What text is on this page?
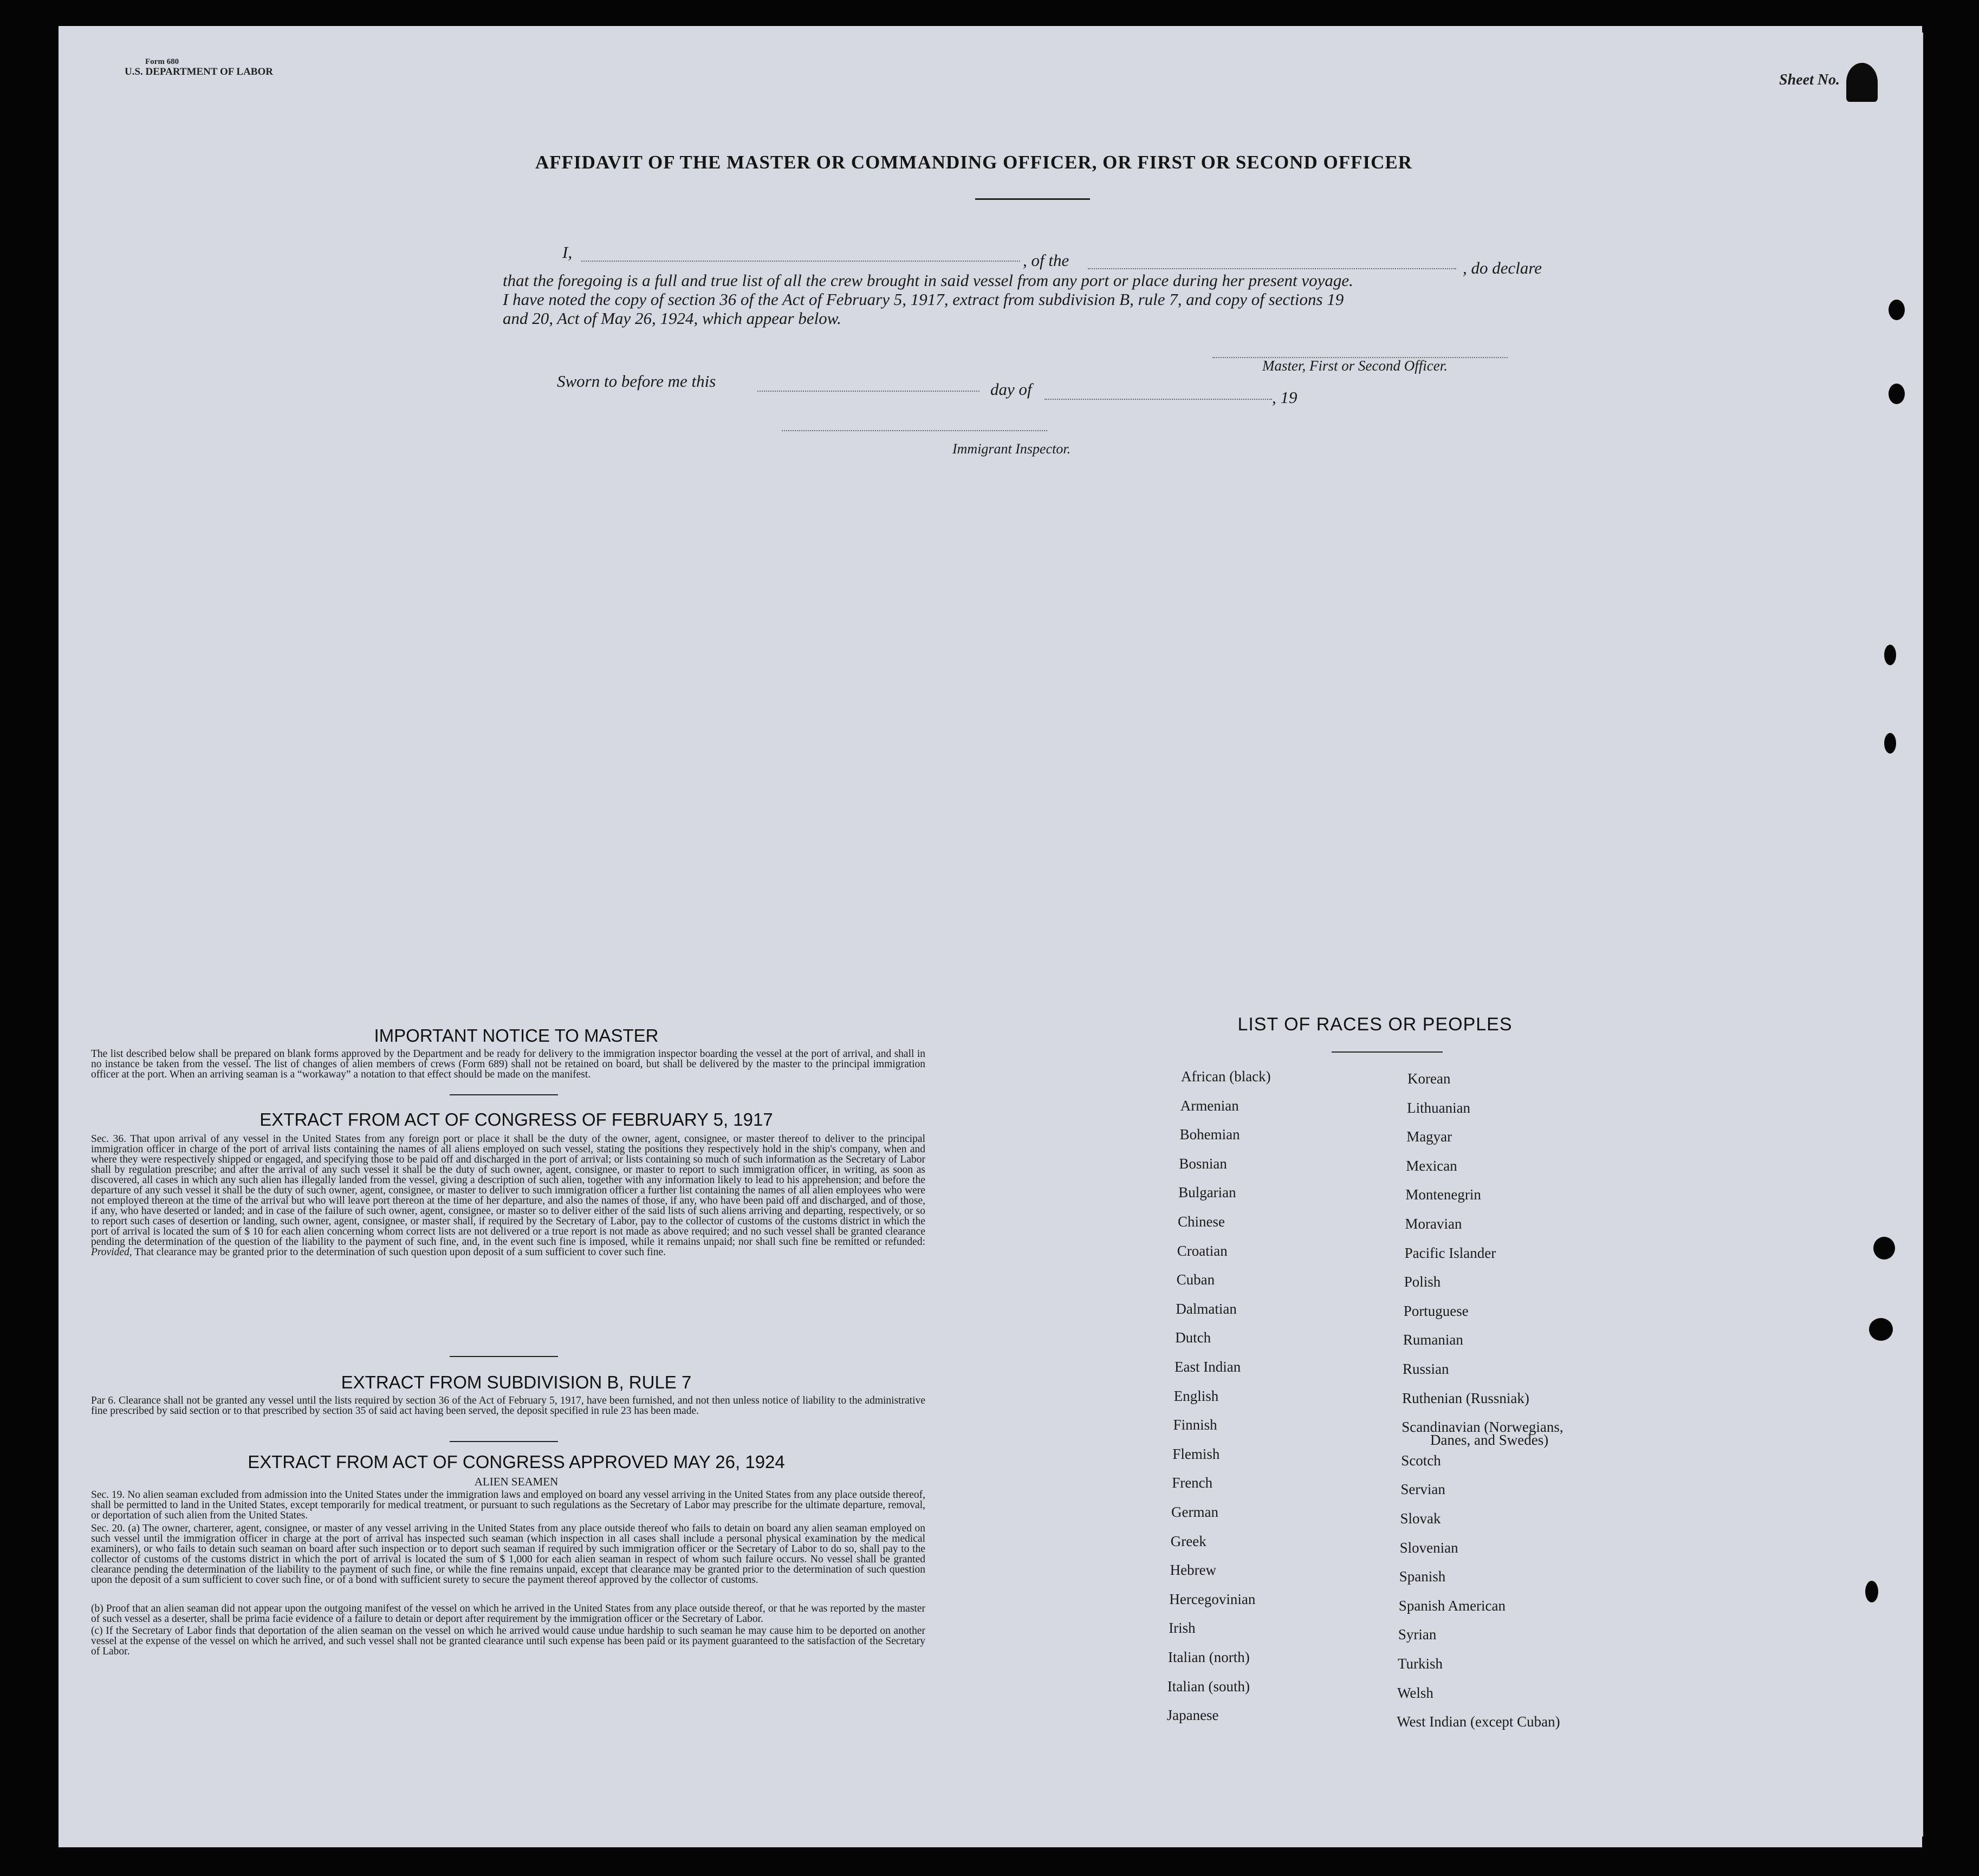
Form 680
U.S. DEPARTMENT OF LABOR	Sheet No.
AFFIDAVIT OF THE MASTER OR COMMANDING OFFICER, OR FIRST OR SECOND OFFICER
I,	, of the	, do declare
that the foregoing is a full and true list of all the crew brought in said vessel from any port or place during her present voyage.
I have noted the copy of section 36 of the Act of February 5, 1917, extract from subdivision B, rule 7, and copy of sections 19
and 20, Act of May 26, 1924, which appear below.
Master, First or Second Officer.
Sworn to before me this	day of	, 19
Immigrant Inspector.
IMPORTANT NOTICE TO MASTER
The list described below shall be prepared on blank forms approved by the Department and be ready for delivery to the immigration inspector boarding the vessel at the port of arrival, and shall in no instance be taken from the vessel. The list of changes of alien members of crews (Form 689) shall not be retained on board, but shall be delivered by the master to the principal immigration officer at the port. When an arriving seaman is a “workaway” a notation to that effect should be made on the manifest.
EXTRACT FROM ACT OF CONGRESS OF FEBRUARY 5, 1917
Sec. 36. That upon arrival of any vessel in the United States from any foreign port or place it shall be the duty of the owner, agent, consignee, or master thereof to deliver to the principal immigration officer in charge of the port of arrival lists containing the names of all aliens employed on such vessel, stating the positions they respectively hold in the ship's company, when and where they were respectively shipped or engaged, and specifying those to be paid off and discharged in the port of arrival; or lists containing so much of such information as the Secretary of Labor shall by regulation prescribe; and after the arrival of any such vessel it shall be the duty of such owner, agent, consignee, or master to report to such immigration officer, in writing, as soon as discovered, all cases in which any such alien has illegally landed from the vessel, giving a description of such alien, together with any information likely to lead to his apprehension; and before the departure of any such vessel it shall be the duty of such owner, agent, consignee, or master to deliver to such immigration officer a further list containing the names of all alien employees who were not employed thereon at the time of the arrival but who will leave port thereon at the time of her departure, and also the names of those, if any, who have been paid off and discharged, and of those, if any, who have deserted or landed; and in case of the failure of such owner, agent, consignee, or master so to deliver either of the said lists of such aliens arriving and departing, respectively, or so to report such cases of desertion or landing, such owner, agent, consignee, or master shall, if required by the Secretary of Labor, pay to the collector of customs of the customs district in which the port of arrival is located the sum of $ 10 for each alien concerning whom correct lists are not delivered or a true report is not made as above required; and no such vessel shall be granted clearance pending the determination of the question of the liability to the payment of such fine, and, in the event such fine is imposed, while it remains unpaid; nor shall such fine be remitted or refunded: Provided, That clearance may be granted prior to the determination of such question upon deposit of a sum sufficient to cover such fine.
EXTRACT FROM SUBDIVISION B, RULE 7
Par 6. Clearance shall not be granted any vessel until the lists required by section 36 of the Act of February 5, 1917, have been furnished, and not then unless notice of liability to the administrative fine prescribed by said section or to that prescribed by section 35 of said act having been served, the deposit specified in rule 23 has been made.
EXTRACT FROM ACT OF CONGRESS APPROVED MAY 26, 1924
ALIEN SEAMEN
Sec. 19. No alien seaman excluded from admission into the United States under the immigration laws and employed on board any vessel arriving in the United States from any place outside thereof, shall be permitted to land in the United States, except temporarily for medical treatment, or pursuant to such regulations as the Secretary of Labor may prescribe for the ultimate departure, removal, or deportation of such alien from the United States.
Sec. 20. (a) The owner, charterer, agent, consignee, or master of any vessel arriving in the United States from any place outside thereof who fails to detain on board any alien seaman employed on such vessel until the immigration officer in charge at the port of arrival has inspected such seaman (which inspection in all cases shall include a personal physical examination by the medical examiners), or who fails to detain such seaman on board after such inspection or to deport such seaman if required by such immigration officer or the Secretary of Labor to do so, shall pay to the collector of customs of the customs district in which the port of arrival is located the sum of $ 1,000 for each alien seaman in respect of whom such failure occurs. No vessel shall be granted clearance pending the determination of the liability to the payment of such fine, or while the fine remains unpaid, except that clearance may be granted prior to the determination of such question upon the deposit of a sum sufficient to cover such fine, or of a bond with sufficient surety to secure the payment thereof approved by the collector of customs.
(b) Proof that an alien seaman did not appear upon the outgoing manifest of the vessel on which he arrived in the United States from any place outside thereof, or that he was reported by the master of such vessel as a deserter, shall be prima facie evidence of a failure to detain or deport after requirement by the immigration officer or the Secretary of Labor.
(c) If the Secretary of Labor finds that deportation of the alien seaman on the vessel on which he arrived would cause undue hardship to such seaman he may cause him to be deported on another vessel at the expense of the vessel on which he arrived, and such vessel shall not be granted clearance until such expense has been paid or its payment guaranteed to the satisfaction of the Secretary of Labor.
LIST OF RACES OR PEOPLES
African (black)
Armenian
Bohemian
Bosnian
Bulgarian
Chinese
Croatian
Cuban
Dalmatian
Dutch
East Indian
English
Finnish
Flemish
French
German
Greek
Hebrew
Hercegovinian
Irish
Italian (north)
Italian (south)
Japanese
Korean
Lithuanian
Magyar
Mexican
Montenegrin
Moravian
Pacific Islander
Polish
Portuguese
Rumanian
Russian
Ruthenian (Russniak)
Scandinavian (Norwegians,
Scotch
Servian
Slovak
Slovenian
Spanish
Spanish American
Syrian
Turkish
Welsh
West Indian (except Cuban)
Danes, and Swedes)
